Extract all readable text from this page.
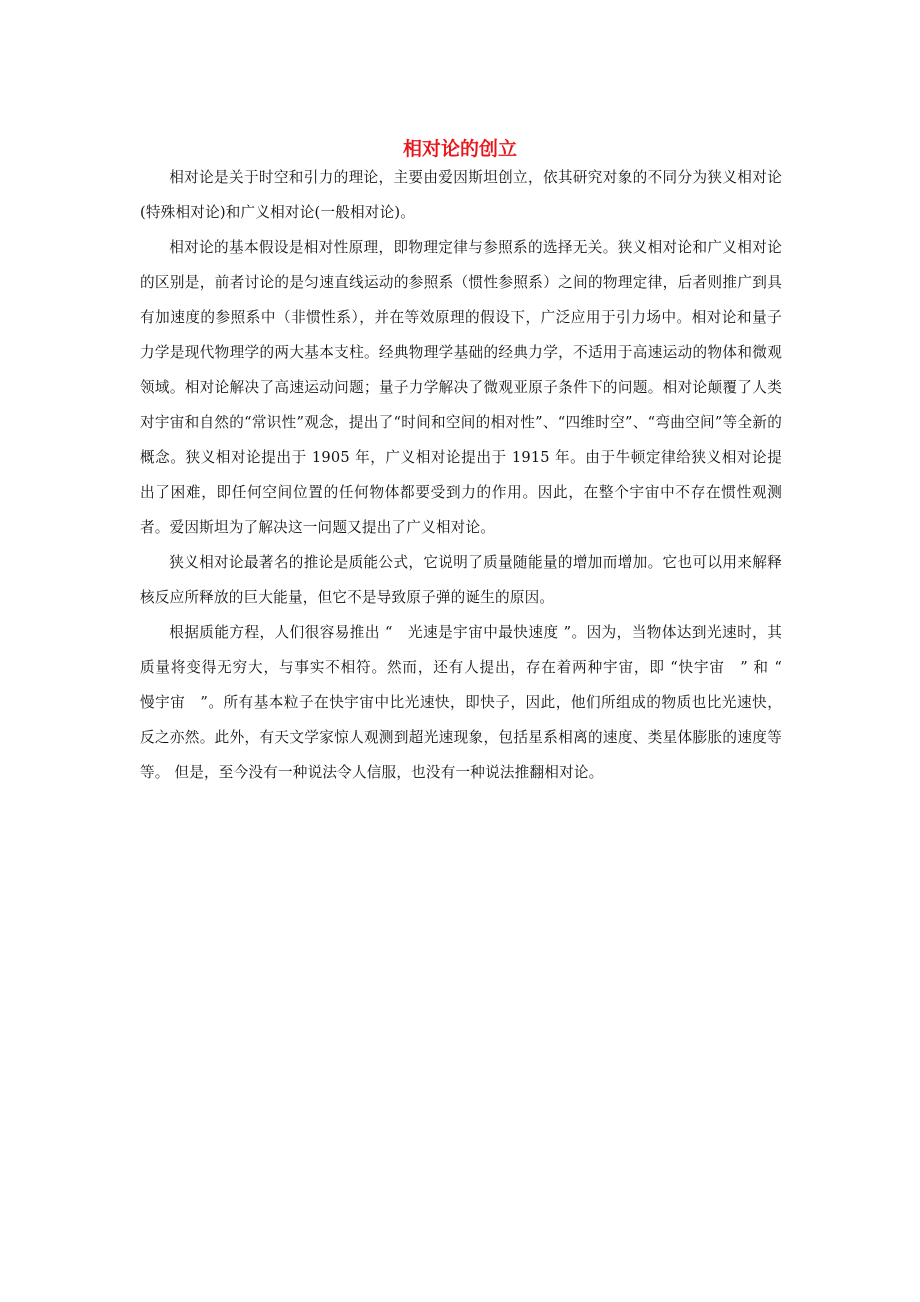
相对论的创立

相对论是关于时空和引力的理论，主要由爱因斯坦创立，依其研究对象的不同分为狭义相对论(特殊相对论)和广义相对论(一般相对论)。

相对论的基本假设是相对性原理，即物理定律与参照系的选择无关。狭义相对论和广义相对论的区别是，前者讨论的是匀速直线运动的参照系（惯性参照系）之间的物理定律，后者则推广到具有加速度的参照系中（非惯性系），并在等效原理的假设下，广泛应用于引力场中。相对论和量子力学是现代物理学的两大基本支柱。经典物理学基础的经典力学，不适用于高速运动的物体和微观领域。相对论解决了高速运动问题；量子力学解决了微观亚原子条件下的问题。相对论颠覆了人类对宇宙和自然的“常识性”观念，提出了“时间和空间的相对性”、“四维时空”、“弯曲空间”等全新的概念。狭义相对论提出于 1905 年，广义相对论提出于 1915 年。由于牛顿定律给狭义相对论提出了困难，即任何空间位置的任何物体都要受到力的作用。因此，在整个宇宙中不存在惯性观测者。爱因斯坦为了解决这一问题又提出了广义相对论。

狭义相对论最著名的推论是质能公式，它说明了质量随能量的增加而增加。它也可以用来解释核反应所释放的巨大能量，但它不是导致原子弹的诞生的原因。

根据质能方程，人们很容易推出 “　光速是宇宙中最快速度 ”。因为，当物体达到光速时，其质量将变得无穷大，与事实不相符。然而，还有人提出，存在着两种宇宙，即 “快宇宙　” 和 “　慢宇宙　”。所有基本粒子在快宇宙中比光速快，即快子，因此，他们所组成的物质也比光速快，反之亦然。此外，有天文学家惊人观测到超光速现象，包括星系相离的速度、类星体膨胀的速度等等。 但是，至今没有一种说法令人信服，也没有一种说法推翻相对论。
